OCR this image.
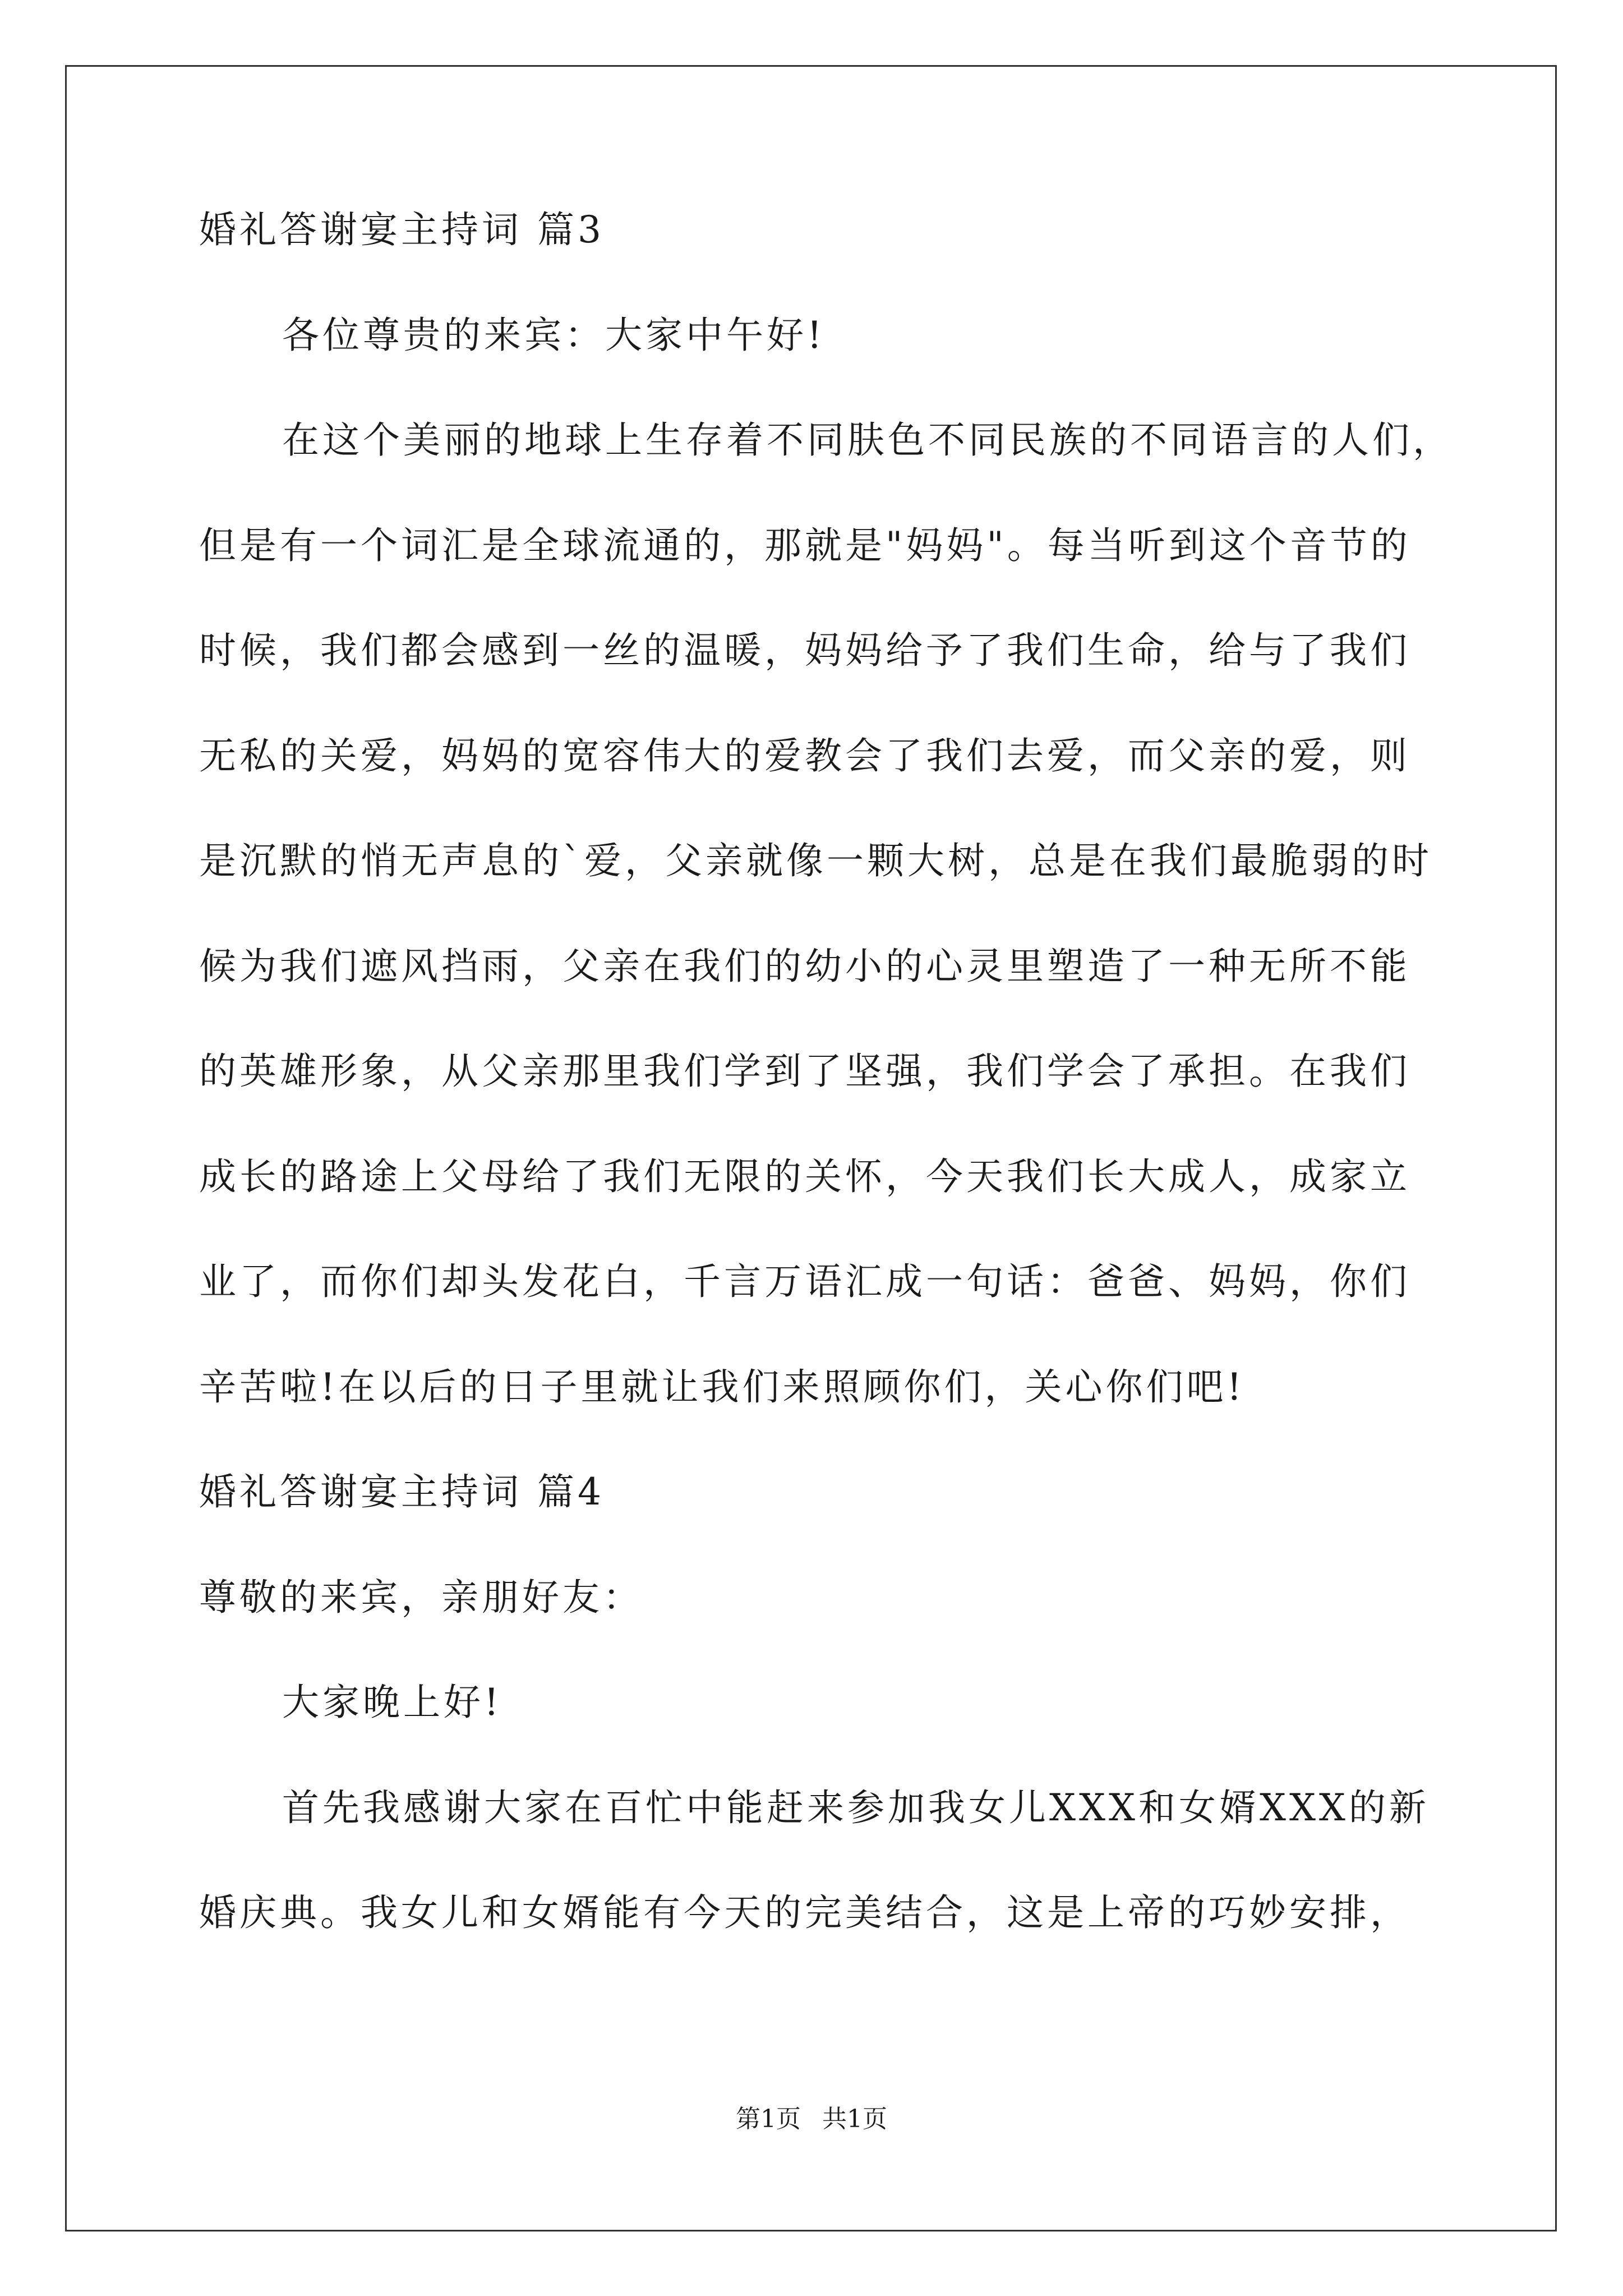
婚礼答谢宴主持词 篇3
各位尊贵的来宾：大家中午好!
在这个美丽的地球上生存着不同肤色不同民族的不同语言的人们，
但是有一个词汇是全球流通的，那就是"妈妈"。每当听到这个音节的
时候，我们都会感到一丝的温暖，妈妈给予了我们生命，给与了我们
无私的关爱，妈妈的宽容伟大的爱教会了我们去爱，而父亲的爱，则
是沉默的悄无声息的`爱，父亲就像一颗大树，总是在我们最脆弱的时
候为我们遮风挡雨，父亲在我们的幼小的心灵里塑造了一种无所不能
的英雄形象，从父亲那里我们学到了坚强，我们学会了承担。在我们
成长的路途上父母给了我们无限的关怀，今天我们长大成人，成家立
业了，而你们却头发花白，千言万语汇成一句话：爸爸、妈妈，你们
辛苦啦!在以后的日子里就让我们来照顾你们，关心你们吧!
婚礼答谢宴主持词 篇4
尊敬的来宾，亲朋好友：
大家晚上好!
首先我感谢大家在百忙中能赶来参加我女儿XXX和女婿XXX的新
婚庆典。我女儿和女婿能有今天的完美结合，这是上帝的巧妙安排，
第1页 共1页
